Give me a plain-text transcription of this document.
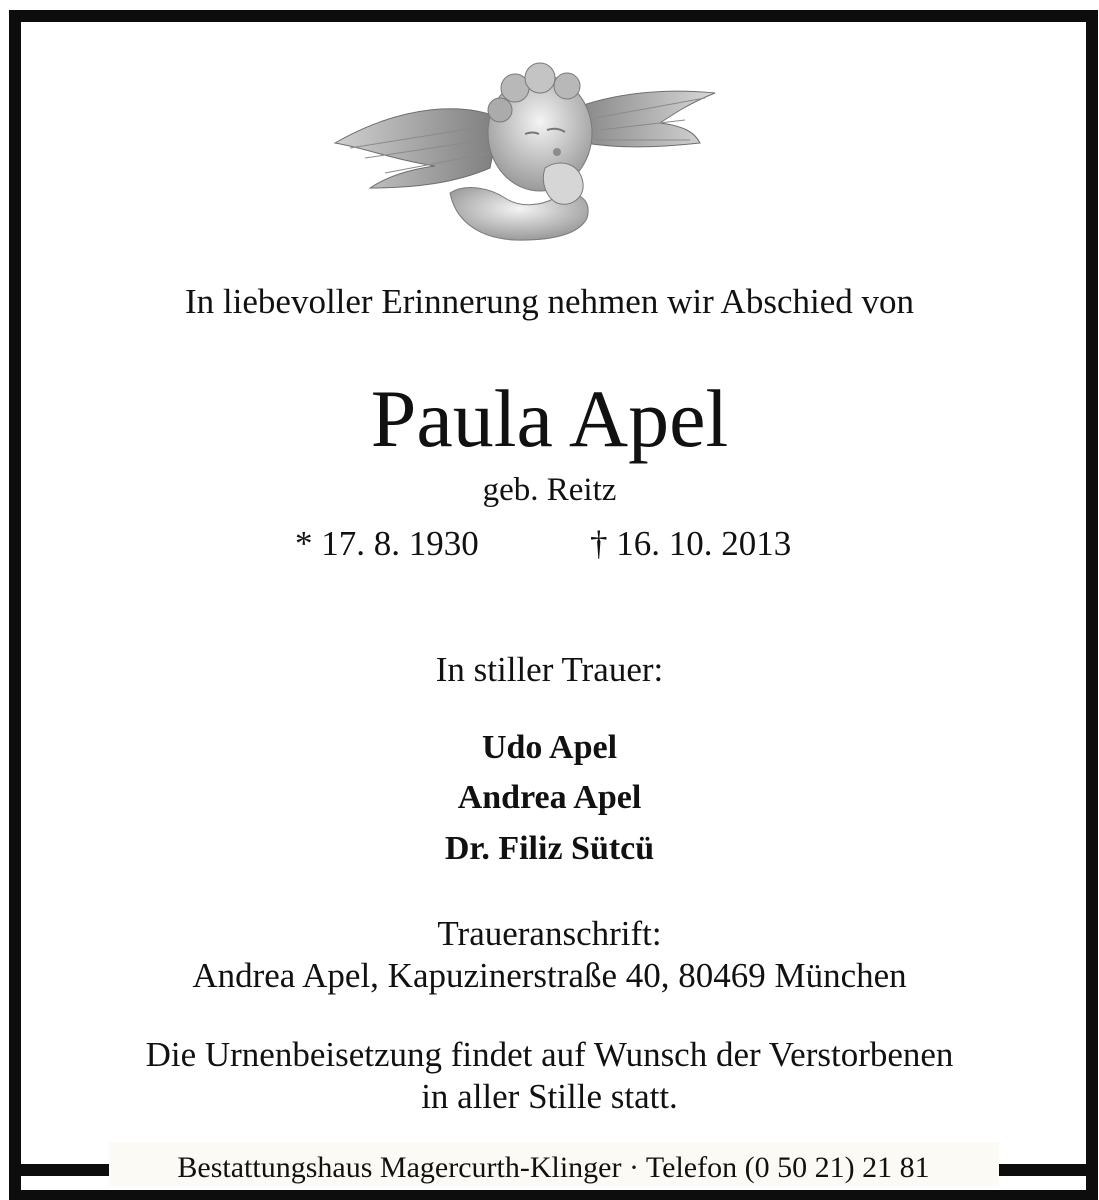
In liebevoller Erinnerung nehmen wir Abschied von
Paula Apel
geb. Reitz
* 17. 8. 1930	† 16. 10. 2013
In stiller Trauer:
Udo Apel
Andrea Apel
Dr. Filiz Sütcü
Traueranschrift:
Andrea Apel, Kapuzinerstraße 40, 80469 München
Die Urnenbeisetzung findet auf Wunsch der Verstorbenen
in aller Stille statt.
Bestattungshaus Magercurth-Klinger · Telefon (0 50 21) 21 81
